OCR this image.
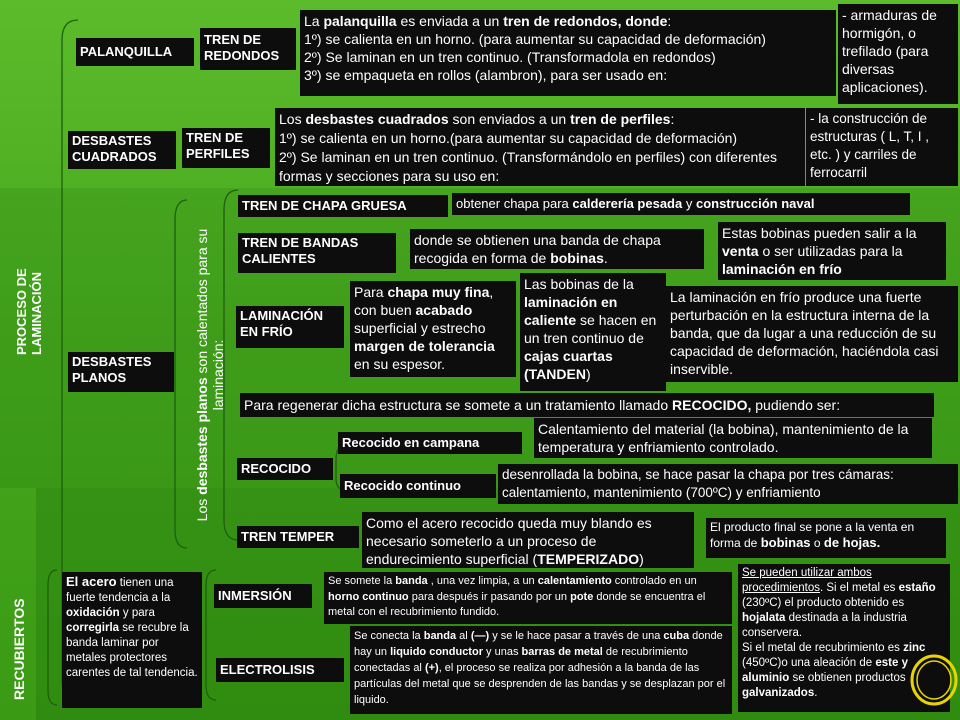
PROCESO DE LAMINACIÓN
RECUBIERTOS
PALANQUILLA
DESBASTES CUADRADOS
DESBASTES PLANOS
TREN DE REDONDOS
La palanquilla es enviada a un tren de redondos, donde:
1º) se calienta en un horno. (para aumentar su capacidad de deformación)
2º) Se laminan en un tren continuo. (Transformadola en redondos)
3º) se empaqueta en rollos (alambron), para ser usado en:
- armaduras de hormigón, o trefilado (para diversas aplicaciones).
TREN DE PERFILES
Los desbastes cuadrados son enviados a un tren de perfiles:
1º) se calienta en un horno.(para aumentar su capacidad de deformación)
2º) Se laminan en un tren continuo. (Transformándolo en perfiles) con diferentes formas y secciones para su uso en:
- la construcción de estructuras ( L, T, I , etc. ) y carriles de ferrocarril
Los desbastes planos son calentados para su laminación:
TREN DE CHAPA GRUESA	obtener chapa para calderería pesada y construcción naval
TREN DE BANDAS CALIENTES
donde se obtienen una banda de chapa recogida en forma de bobinas.
Estas bobinas pueden salir a la venta o ser utilizadas para la laminación en frío
LAMINACIÓN EN FRÍO
Para chapa muy fina, con buen acabado superficial y estrecho margen de tolerancia en su espesor.
Las bobinas de la laminación en caliente se hacen en un tren continuo de cajas cuartas (TANDEN)
La laminación en frío produce una fuerte perturbación en la estructura interna de la banda, que da lugar a una reducción de su capacidad de deformación, haciéndola casi inservible.
Para regenerar dicha estructura se somete a un tratamiento llamado RECOCIDO, pudiendo ser:
RECOCIDO
Recocido en campana
Calentamiento del material (la bobina), mantenimiento de la temperatura y enfriamiento controlado.
Recocido continuo
desenrollada la bobina, se hace pasar la chapa por tres cámaras: calentamiento, mantenimiento (700ºC) y enfriamiento
TREN TEMPER
Como el acero recocido queda muy blando es necesario someterlo a un proceso de endurecimiento superficial (TEMPERIZADO)
El producto final se pone a la venta en forma de bobinas o de hojas.
El acero tienen una fuerte tendencia a la oxidación y para corregirla se recubre la banda laminar por metales protectores carentes de tal tendencia.
INMERSIÓN
Se somete la banda , una vez limpia, a un calentamiento controlado en un horno continuo para después ir pasando por un pote donde se encuentra el metal con el recubrimiento fundido.
ELECTROLISIS
Se conecta la banda al (—) y se le hace pasar a través de una cuba donde hay un liquido conductor y unas barras de metal de recubrimiento conectadas al (+), el proceso se realiza por adhesión a la banda de las partículas del metal que se desprenden de las bandas y se desplazan por el liquido.
Se pueden utilizar ambos procedimientos. Si el metal es estaño (230ºC) el producto obtenido es hojalata destinada a la industria conservera.
Si el metal de recubrimiento es zinc (450ºC)o una aleación de este y aluminio se obtienen productos galvanizados.
